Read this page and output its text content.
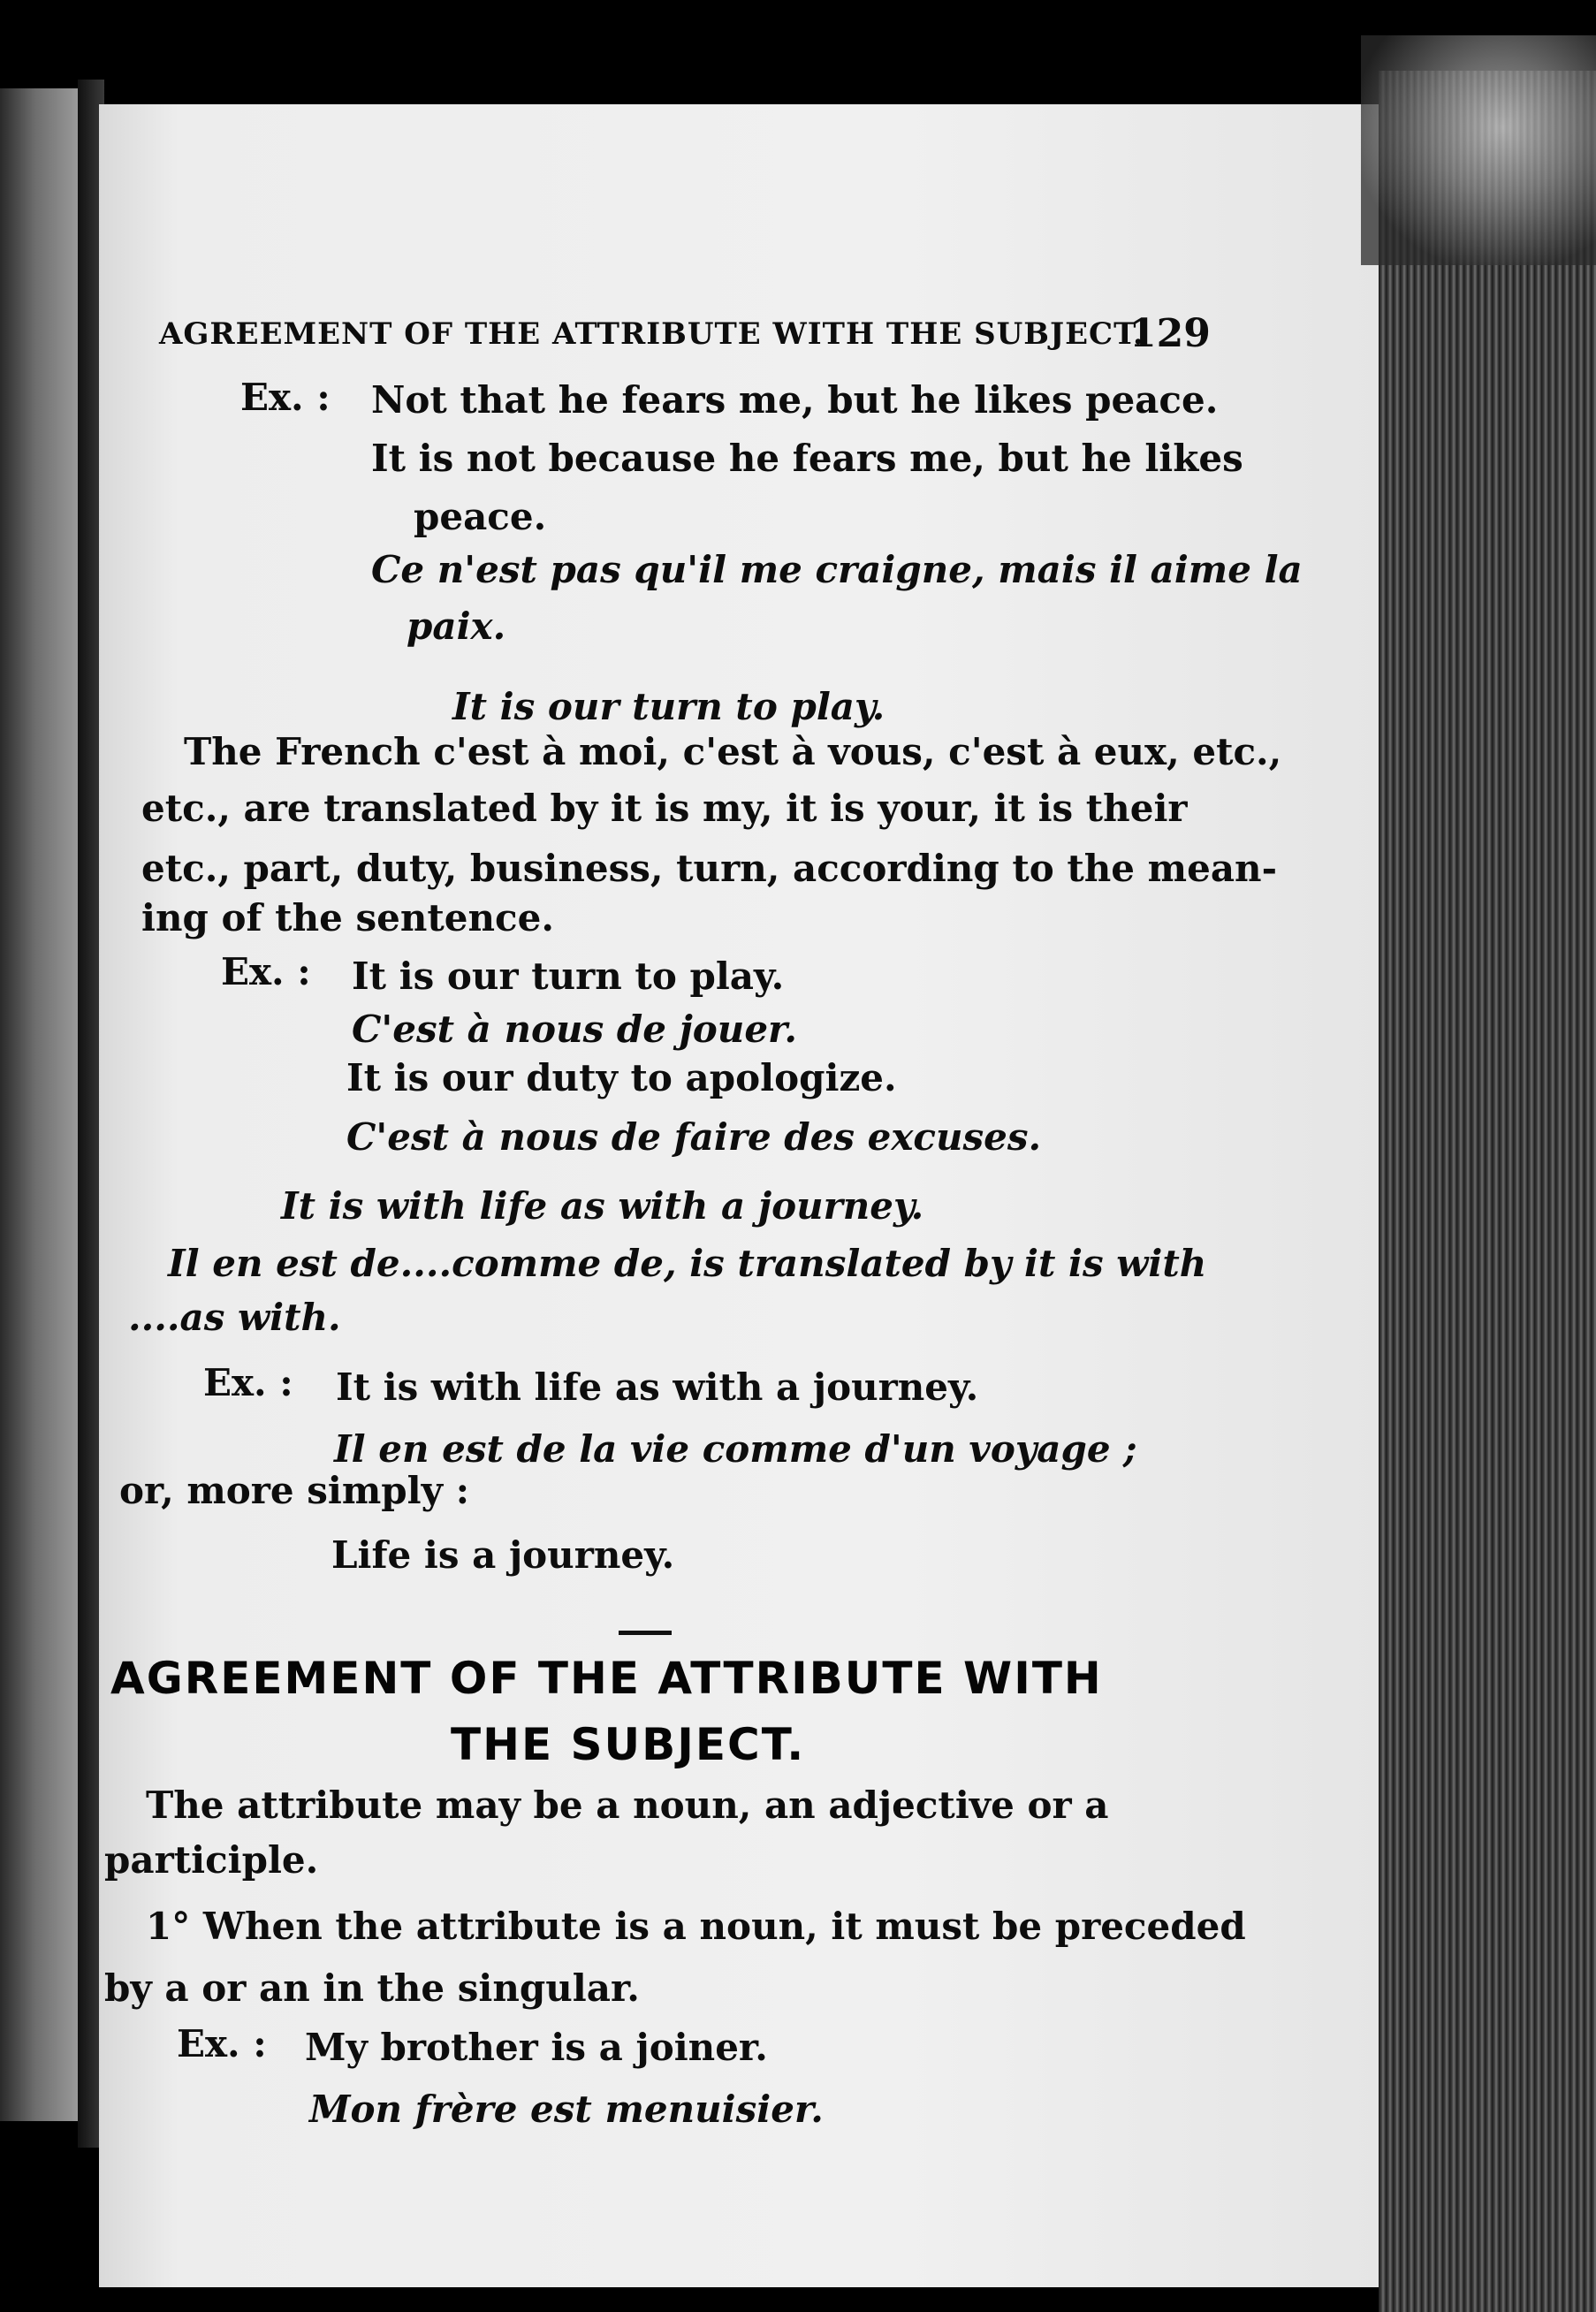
AGREEMENT OF THE ATTRIBUTE WITH THE SUBJECT.
129
Ex. : Not that he fears me, but he likes peace.
It is not because he fears me, but he likes
peace.
Ce n'est pas qu'il me craigne, mais il aime la
paix.
It is our turn to play.
The French c'est à moi, c'est à vous, c'est à eux, etc.,
etc., are translated by it is my, it is your, it is their
etc., part, duty, business, turn, according to the mean-
ing of the sentence.
Ex. : It is our turn to play.
C'est à nous de jouer.
It is our duty to apologize.
C'est à nous de faire des excuses.
It is with life as with a journey.
Il en est de....comme de, is translated by it is with
....as with.
Ex. : It is with life as with a journey.
Il en est de la vie comme d'un voyage ;
or, more simply :
Life is a journey.
AGREEMENT OF THE ATTRIBUTE WITH
THE SUBJECT.
The attribute may be a noun, an adjective or a
participle.
1° When the attribute is a noun, it must be preceded
by a or an in the singular.
Ex. : My brother is a joiner.
Mon frère est menuisier.
